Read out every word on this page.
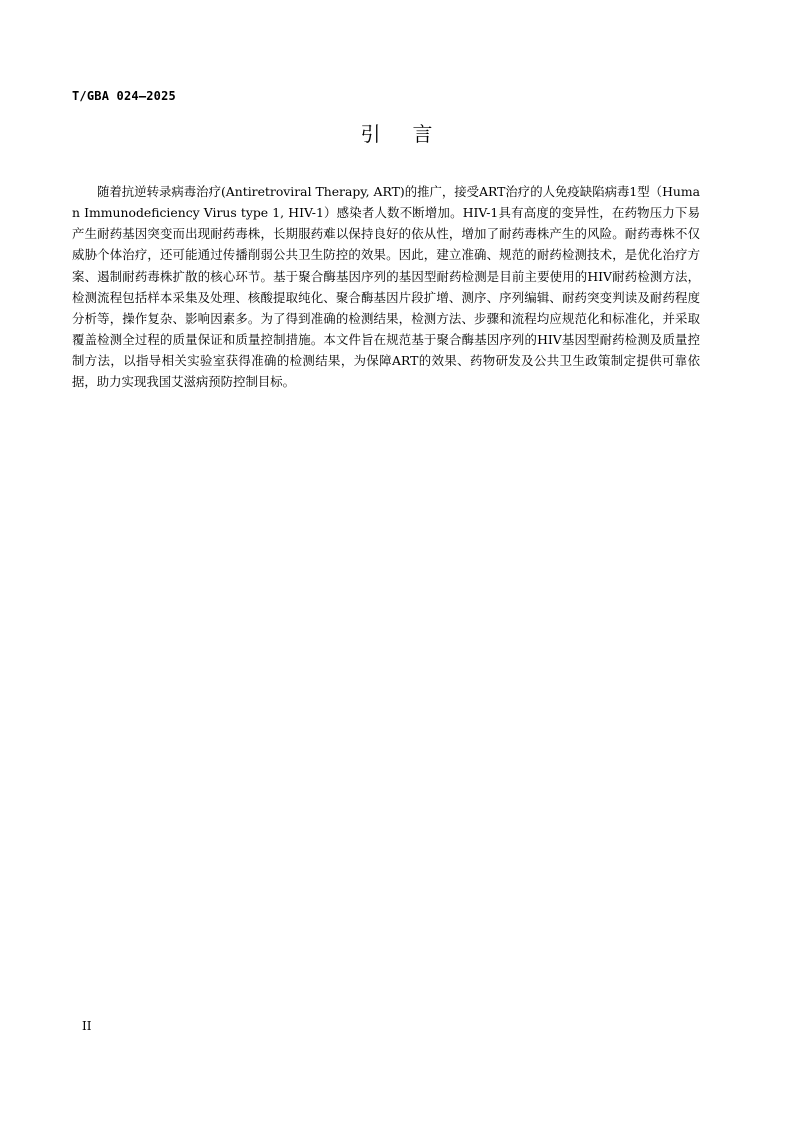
T/GBA 024—2025
引 言

随着抗逆转录病毒治疗(Antiretroviral Therapy, ART)的推广，接受ART治疗的人免疫缺陷病毒1型（Human Immunodeficiency Virus type 1, HIV-1）感染者人数不断增加。HIV-1具有高度的变异性，在药物压力下易产生耐药基因突变而出现耐药毒株，长期服药难以保持良好的依从性，增加了耐药毒株产生的风险。耐药毒株不仅威胁个体治疗，还可能通过传播削弱公共卫生防控的效果。因此，建立准确、规范的耐药检测技术，是优化治疗方案、遏制耐药毒株扩散的核心环节。基于聚合酶基因序列的基因型耐药检测是目前主要使用的HIV耐药检测方法，检测流程包括样本采集及处理、核酸提取纯化、聚合酶基因片段扩增、测序、序列编辑、耐药突变判读及耐药程度分析等，操作复杂、影响因素多。为了得到准确的检测结果，检测方法、步骤和流程均应规范化和标准化，并采取覆盖检测全过程的质量保证和质量控制措施。本文件旨在规范基于聚合酶基因序列的HIV基因型耐药检测及质量控制方法，以指导相关实验室获得准确的检测结果，为保障ART的效果、药物研发及公共卫生政策制定提供可靠依据，助力实现我国艾滋病预防控制目标。

II
